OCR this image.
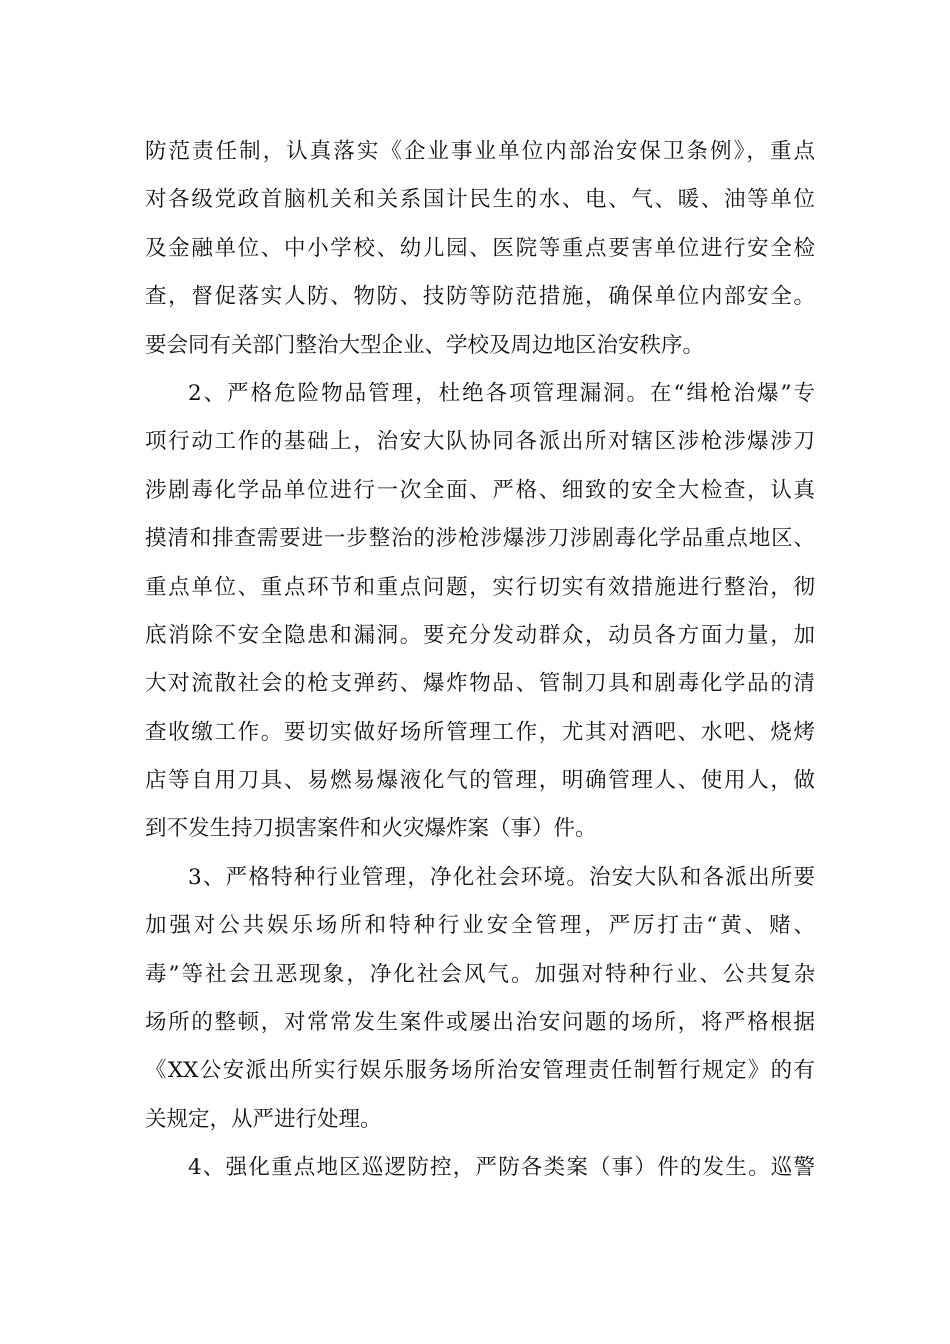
防范责任制，认真落实《企业事业单位内部治安保卫条例》，重点
对各级党政首脑机关和关系国计民生的水、电、气、暖、油等单位
及金融单位、中小学校、幼儿园、医院等重点要害单位进行安全检
查，督促落实人防、物防、技防等防范措施，确保单位内部安全。
要会同有关部门整治大型企业、学校及周边地区治安秩序。
2、严格危险物品管理，杜绝各项管理漏洞。在“缉枪治爆”专
项行动工作的基础上，治安大队协同各派出所对辖区涉枪涉爆涉刀
涉剧毒化学品单位进行一次全面、严格、细致的安全大检查，认真
摸清和排查需要进一步整治的涉枪涉爆涉刀涉剧毒化学品重点地区、
重点单位、重点环节和重点问题，实行切实有效措施进行整治，彻
底消除不安全隐患和漏洞。要充分发动群众，动员各方面力量，加
大对流散社会的枪支弹药、爆炸物品、管制刀具和剧毒化学品的清
查收缴工作。要切实做好场所管理工作，尤其对酒吧、水吧、烧烤
店等自用刀具、易燃易爆液化气的管理，明确管理人、使用人，做
到不发生持刀损害案件和火灾爆炸案（事）件。
3、严格特种行业管理，净化社会环境。治安大队和各派出所要
加强对公共娱乐场所和特种行业安全管理，严厉打击“黄、赌、
毒”等社会丑恶现象，净化社会风气。加强对特种行业、公共复杂
场所的整顿，对常常发生案件或屡出治安问题的场所，将严格根据
《XX公安派出所实行娱乐服务场所治安管理责任制暂行规定》的有
关规定，从严进行处理。
4、强化重点地区巡逻防控，严防各类案（事）件的发生。巡警
